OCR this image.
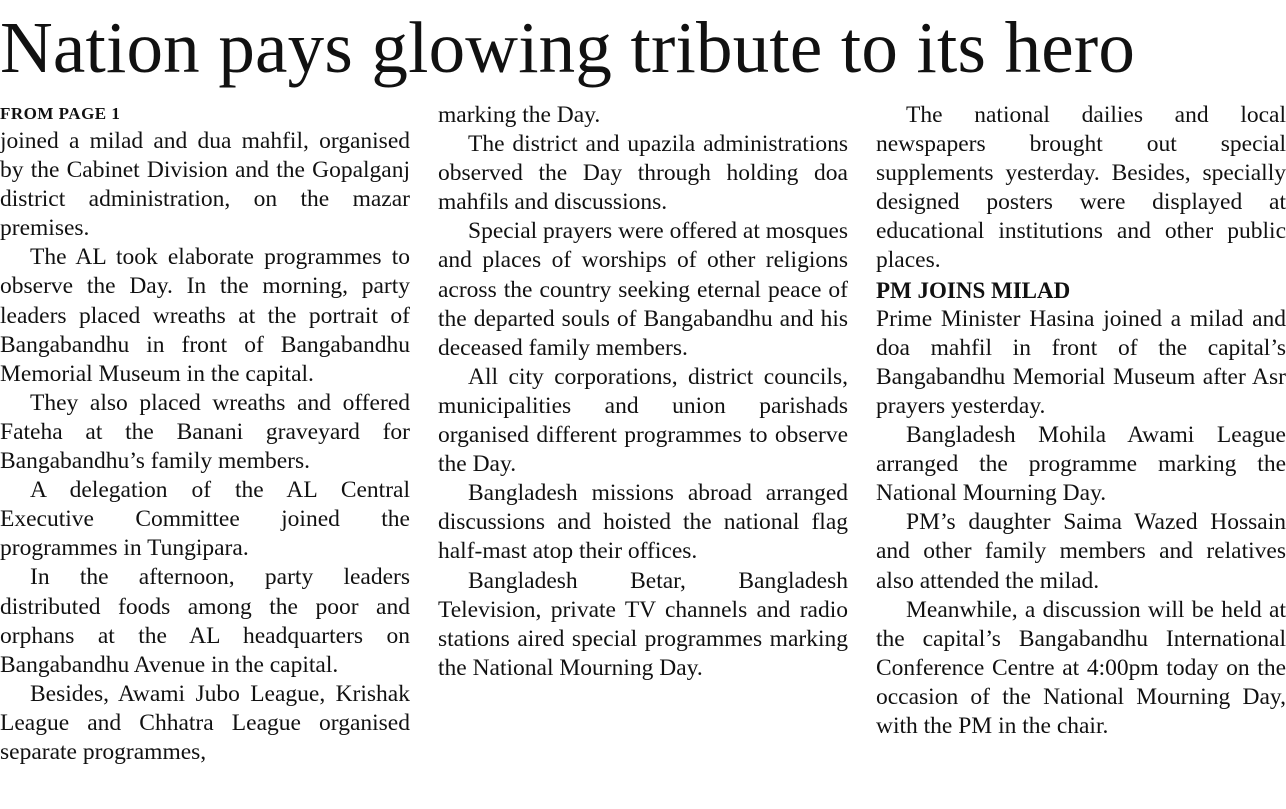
Nation pays glowing tribute to its hero
FROM PAGE 1

joined a milad and dua mahfil, organised by the Cabinet Division and the Gopalganj district administration, on the mazar premises.

The AL took elaborate programmes to observe the Day. In the morning, party leaders placed wreaths at the portrait of Bangabandhu in front of Bangabandhu Memorial Museum in the capital.

They also placed wreaths and offered Fateha at the Banani graveyard for Bangabandhu’s family members.

A delegation of the AL Central Executive Committee joined the programmes in Tungipara.

In the afternoon, party leaders distributed foods among the poor and orphans at the AL headquarters on Bangabandhu Avenue in the capital.

Besides, Awami Jubo League, Krishak League and Chhatra League organised separate programmes,

marking the Day.

The district and upazila administrations observed the Day through holding doa mahfils and discussions.

Special prayers were offered at mosques and places of worships of other religions across the country seeking eternal peace of the departed souls of Bangabandhu and his deceased family members.

All city corporations, district councils, municipalities and union parishads organised different programmes to observe the Day.

Bangladesh missions abroad arranged discussions and hoisted the national flag half-mast atop their offices.

Bangladesh Betar, Bangladesh Television, private TV channels and radio stations aired special programmes marking the National Mourning Day.

The national dailies and local newspapers brought out special supplements yesterday. Besides, specially designed posters were displayed at educational institutions and other public places.

PM JOINS MILAD

Prime Minister Hasina joined a milad and doa mahfil in front of the capital’s Bangabandhu Memorial Museum after Asr prayers yesterday.

Bangladesh Mohila Awami League arranged the programme marking the National Mourning Day.

PM’s daughter Saima Wazed Hossain and other family members and relatives also attended the milad.

Meanwhile, a discussion will be held at the capital’s Bangabandhu International Conference Centre at 4:00pm today on the occasion of the National Mourning Day, with the PM in the chair.
